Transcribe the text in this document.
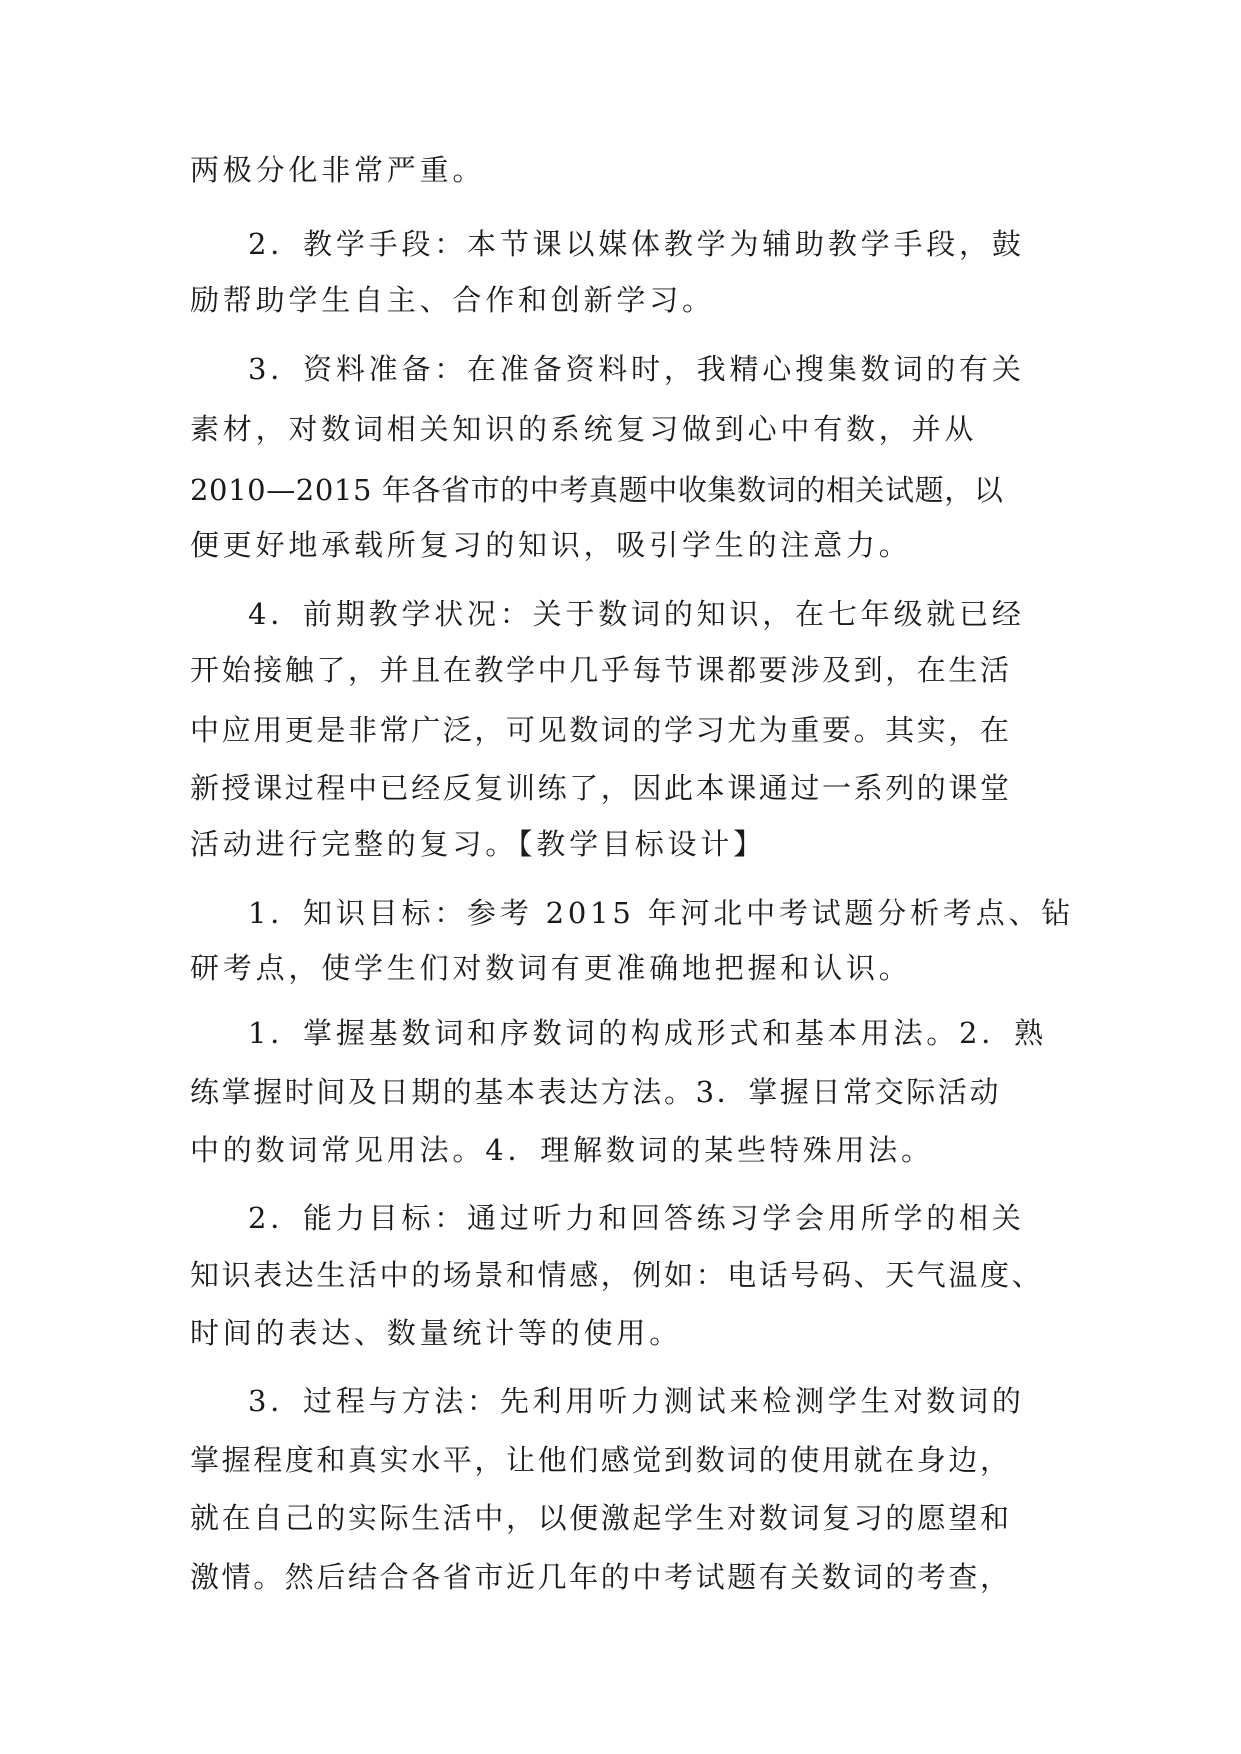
两极分化非常严重。
2．教学手段：本节课以媒体教学为辅助教学手段，鼓
励帮助学生自主、合作和创新学习。
3．资料准备：在准备资料时，我精心搜集数词的有关
素材，对数词相关知识的系统复习做到心中有数，并从
2010—2015 年各省市的中考真题中收集数词的相关试题，以
便更好地承载所复习的知识，吸引学生的注意力。
4．前期教学状况：关于数词的知识，在七年级就已经
开始接触了，并且在教学中几乎每节课都要涉及到，在生活
中应用更是非常广泛，可见数词的学习尤为重要。其实，在
新授课过程中已经反复训练了，因此本课通过一系列的课堂
活动进行完整的复习。【教学目标设计】
1．知识目标：参考 2015 年河北中考试题分析考点、钻
研考点，使学生们对数词有更准确地把握和认识。
1．掌握基数词和序数词的构成形式和基本用法。2．熟
练掌握时间及日期的基本表达方法。3．掌握日常交际活动
中的数词常见用法。4．理解数词的某些特殊用法。
2．能力目标：通过听力和回答练习学会用所学的相关
知识表达生活中的场景和情感，例如：电话号码、天气温度、
时间的表达、数量统计等的使用。
3．过程与方法：先利用听力测试来检测学生对数词的
掌握程度和真实水平，让他们感觉到数词的使用就在身边，
就在自己的实际生活中，以便激起学生对数词复习的愿望和
激情。然后结合各省市近几年的中考试题有关数词的考查，
